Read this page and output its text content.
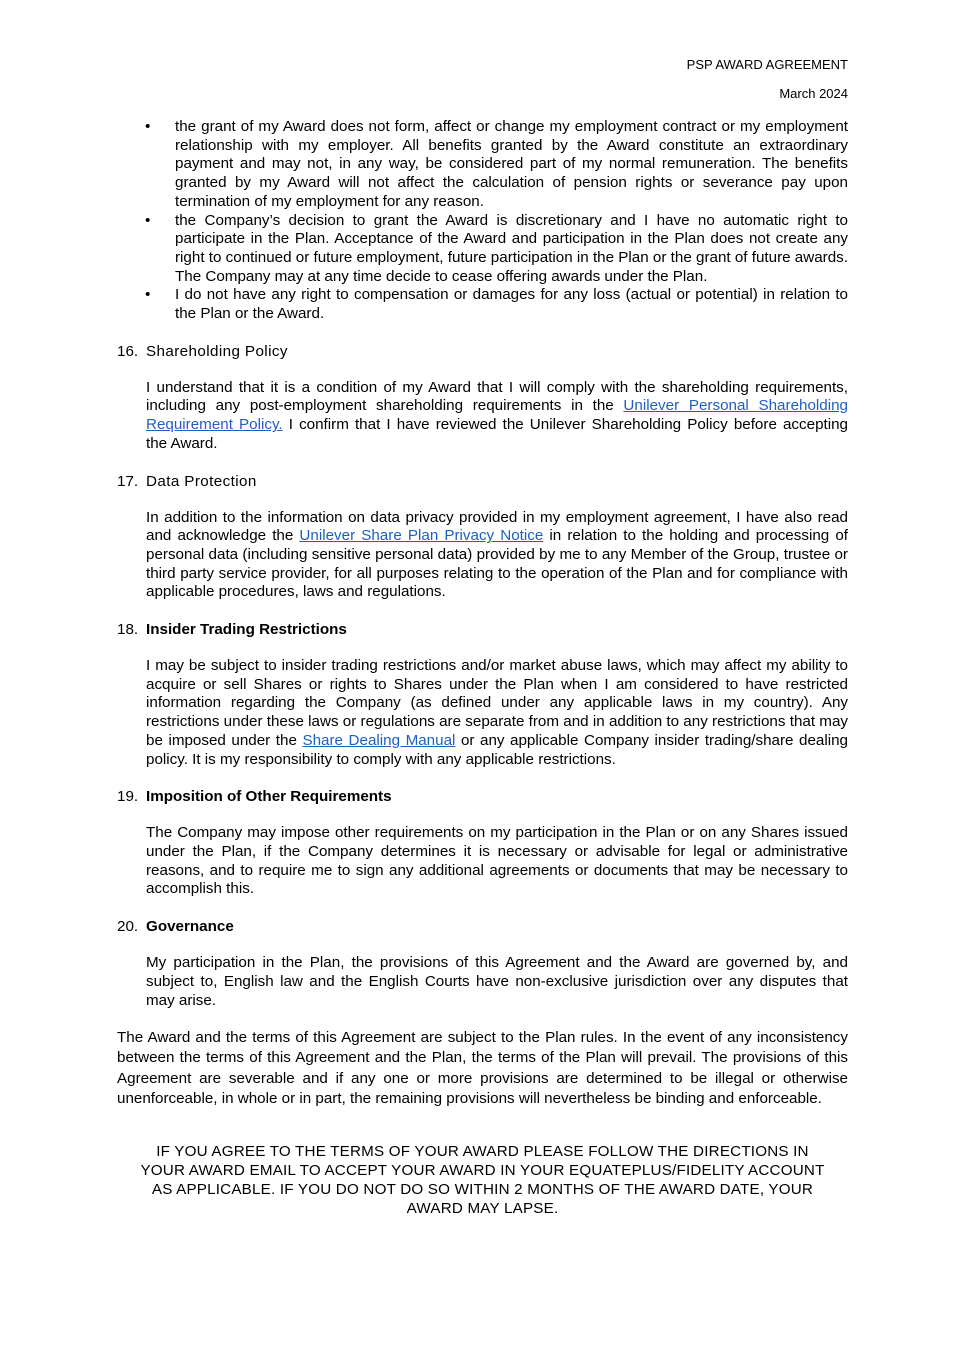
PSP AWARD AGREEMENT
March 2024
• the grant of my Award does not form, affect or change my employment contract or my employment relationship with my employer. All benefits granted by the Award constitute an extraordinary payment and may not, in any way, be considered part of my normal remuneration. The benefits granted by my Award will not affect the calculation of pension rights or severance pay upon termination of my employment for any reason.
• the Company’s decision to grant the Award is discretionary and I have no automatic right to participate in the Plan. Acceptance of the Award and participation in the Plan does not create any right to continued or future employment, future participation in the Plan or the grant of future awards. The Company may at any time decide to cease offering awards under the Plan.
• I do not have any right to compensation or damages for any loss (actual or potential) in relation to the Plan or the Award.
16. Shareholding Policy
I understand that it is a condition of my Award that I will comply with the shareholding requirements, including any post-employment shareholding requirements in the Unilever Personal Shareholding Requirement Policy. I confirm that I have reviewed the Unilever Shareholding Policy before accepting the Award.
17. Data Protection
In addition to the information on data privacy provided in my employment agreement, I have also read and acknowledge the Unilever Share Plan Privacy Notice in relation to the holding and processing of personal data (including sensitive personal data) provided by me to any Member of the Group, trustee or third party service provider, for all purposes relating to the operation of the Plan and for compliance with applicable procedures, laws and regulations.
18. Insider Trading Restrictions
I may be subject to insider trading restrictions and/or market abuse laws, which may affect my ability to acquire or sell Shares or rights to Shares under the Plan when I am considered to have restricted information regarding the Company (as defined under any applicable laws in my country). Any restrictions under these laws or regulations are separate from and in addition to any restrictions that may be imposed under the Share Dealing Manual or any applicable Company insider trading/share dealing policy. It is my responsibility to comply with any applicable restrictions.
19. Imposition of Other Requirements
The Company may impose other requirements on my participation in the Plan or on any Shares issued under the Plan, if the Company determines it is necessary or advisable for legal or administrative reasons, and to require me to sign any additional agreements or documents that may be necessary to accomplish this.
20. Governance
My participation in the Plan, the provisions of this Agreement and the Award are governed by, and subject to, English law and the English Courts have non-exclusive jurisdiction over any disputes that may arise.
The Award and the terms of this Agreement are subject to the Plan rules. In the event of any inconsistency between the terms of this Agreement and the Plan, the terms of the Plan will prevail. The provisions of this Agreement are severable and if any one or more provisions are determined to be illegal or otherwise unenforceable, in whole or in part, the remaining provisions will nevertheless be binding and enforceable.
IF YOU AGREE TO THE TERMS OF YOUR AWARD PLEASE FOLLOW THE DIRECTIONS IN YOUR AWARD EMAIL TO ACCEPT YOUR AWARD IN YOUR EQUATEPLUS/FIDELITY ACCOUNT AS APPLICABLE. IF YOU DO NOT DO SO WITHIN 2 MONTHS OF THE AWARD DATE, YOUR AWARD MAY LAPSE.
